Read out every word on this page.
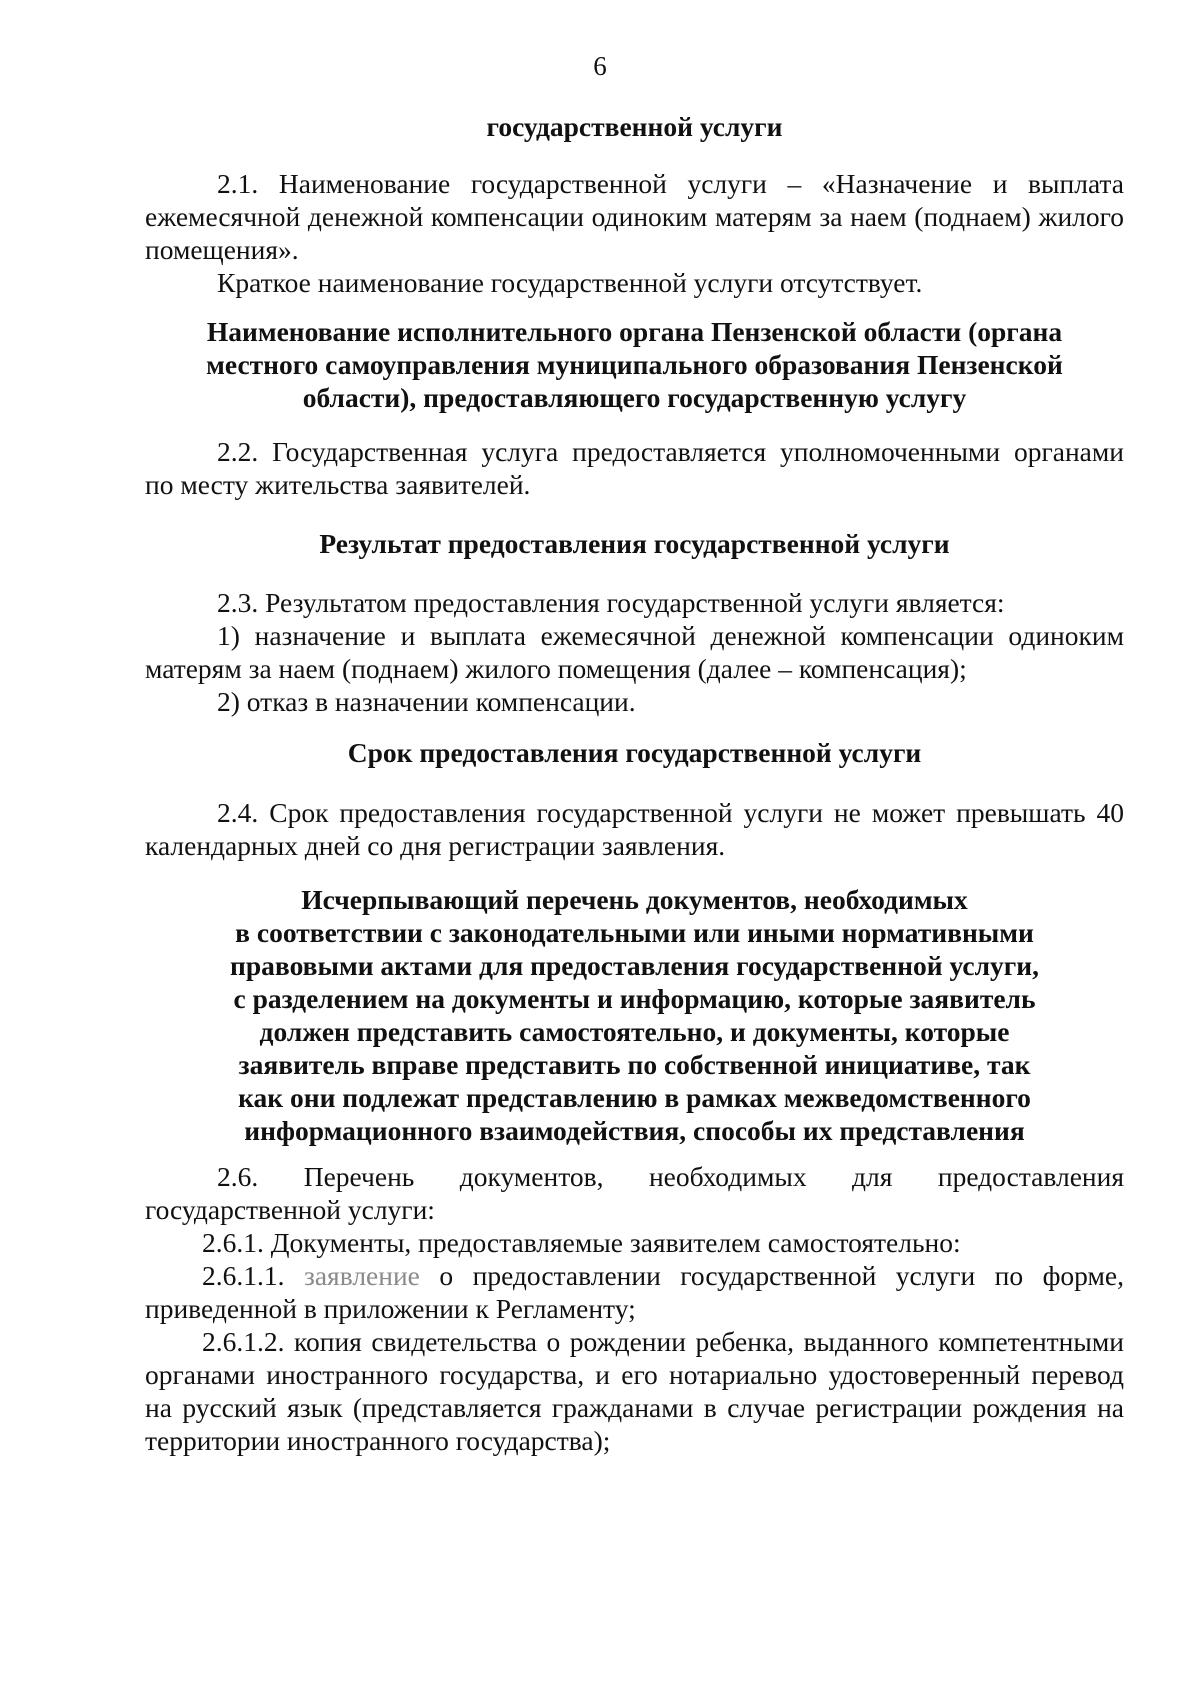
6
государственной услуги

2.1. Наименование государственной услуги – «Назначение и выплата ежемесячной денежной компенсации одиноким матерям за наем (поднаем) жилого помещения».

Краткое наименование государственной услуги отсутствует.

Наименование исполнительного органа Пензенской области (органа
местного самоуправления муниципального образования Пензенской
области), предоставляющего государственную услугу

2.2. Государственная услуга предоставляется уполномоченными органами по месту жительства заявителей.

Результат предоставления государственной услуги

2.3. Результатом предоставления государственной услуги является:

1) назначение и выплата ежемесячной денежной компенсации одиноким матерям за наем (поднаем) жилого помещения (далее – компенсация);

2) отказ в назначении компенсации.

Срок предоставления государственной услуги

2.4. Срок предоставления государственной услуги не может превышать 40 календарных дней со дня регистрации заявления.

Исчерпывающий перечень документов, необходимых
в соответствии с законодательными или иными нормативными
правовыми актами для предоставления государственной услуги,
с разделением на документы и информацию, которые заявитель
должен представить самостоятельно, и документы, которые
заявитель вправе представить по собственной инициативе, так
как они подлежат представлению в рамках межведомственного
информационного взаимодействия, способы их представления

2.6. Перечень документов, необходимых для предоставления

государственной услуги:

2.6.1. Документы, предоставляемые заявителем самостоятельно:

2.6.1.1. заявление о предоставлении государственной услуги по форме, приведенной в приложении к Регламенту;

2.6.1.2. копия свидетельства о рождении ребенка, выданного компетентными органами иностранного государства, и его нотариально удостоверенный перевод на русский язык (представляется гражданами в случае регистрации рождения на территории иностранного государства);
